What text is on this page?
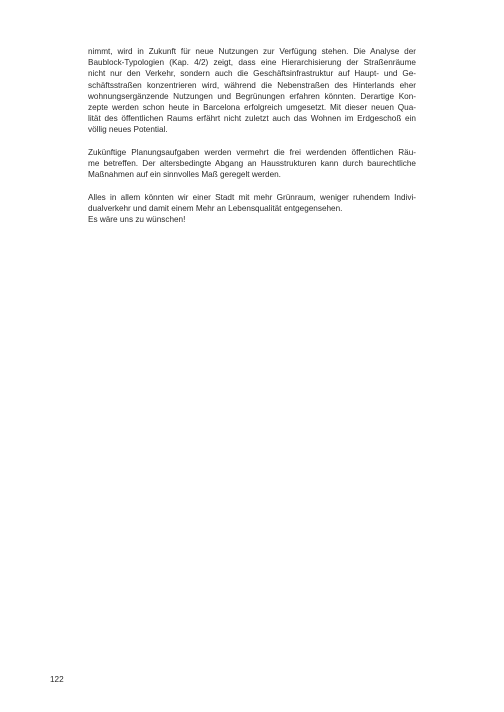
nimmt, wird in Zukunft für neue Nutzungen zur Verfügung stehen. Die Analyse der
Baublock-Typologien (Kap. 4/2) zeigt, dass eine Hierarchisierung der Straßenräume
nicht nur den Verkehr, sondern auch die Geschäftsinfrastruktur auf Haupt- und Ge-
schäftsstraßen konzentrieren wird, während die Nebenstraßen des Hinterlands eher
wohnungsergänzende Nutzungen und Begrünungen erfahren könnten. Derartige Kon-
zepte werden schon heute in Barcelona erfolgreich umgesetzt. Mit dieser neuen Qua-
lität des öffentlichen Raums erfährt nicht zuletzt auch das Wohnen im Erdgeschoß ein
völlig neues Potential.

Zukünftige Planungsaufgaben werden vermehrt die frei werdenden öffentlichen Räu-
me betreffen. Der altersbedingte Abgang an Hausstrukturen kann durch baurechtliche
Maßnahmen auf ein sinnvolles Maß geregelt werden.

Alles in allem könnten wir einer Stadt mit mehr Grünraum, weniger ruhendem Indivi-
dualverkehr und damit einem Mehr an Lebensqualität entgegensehen.
Es wäre uns zu wünschen!

122
